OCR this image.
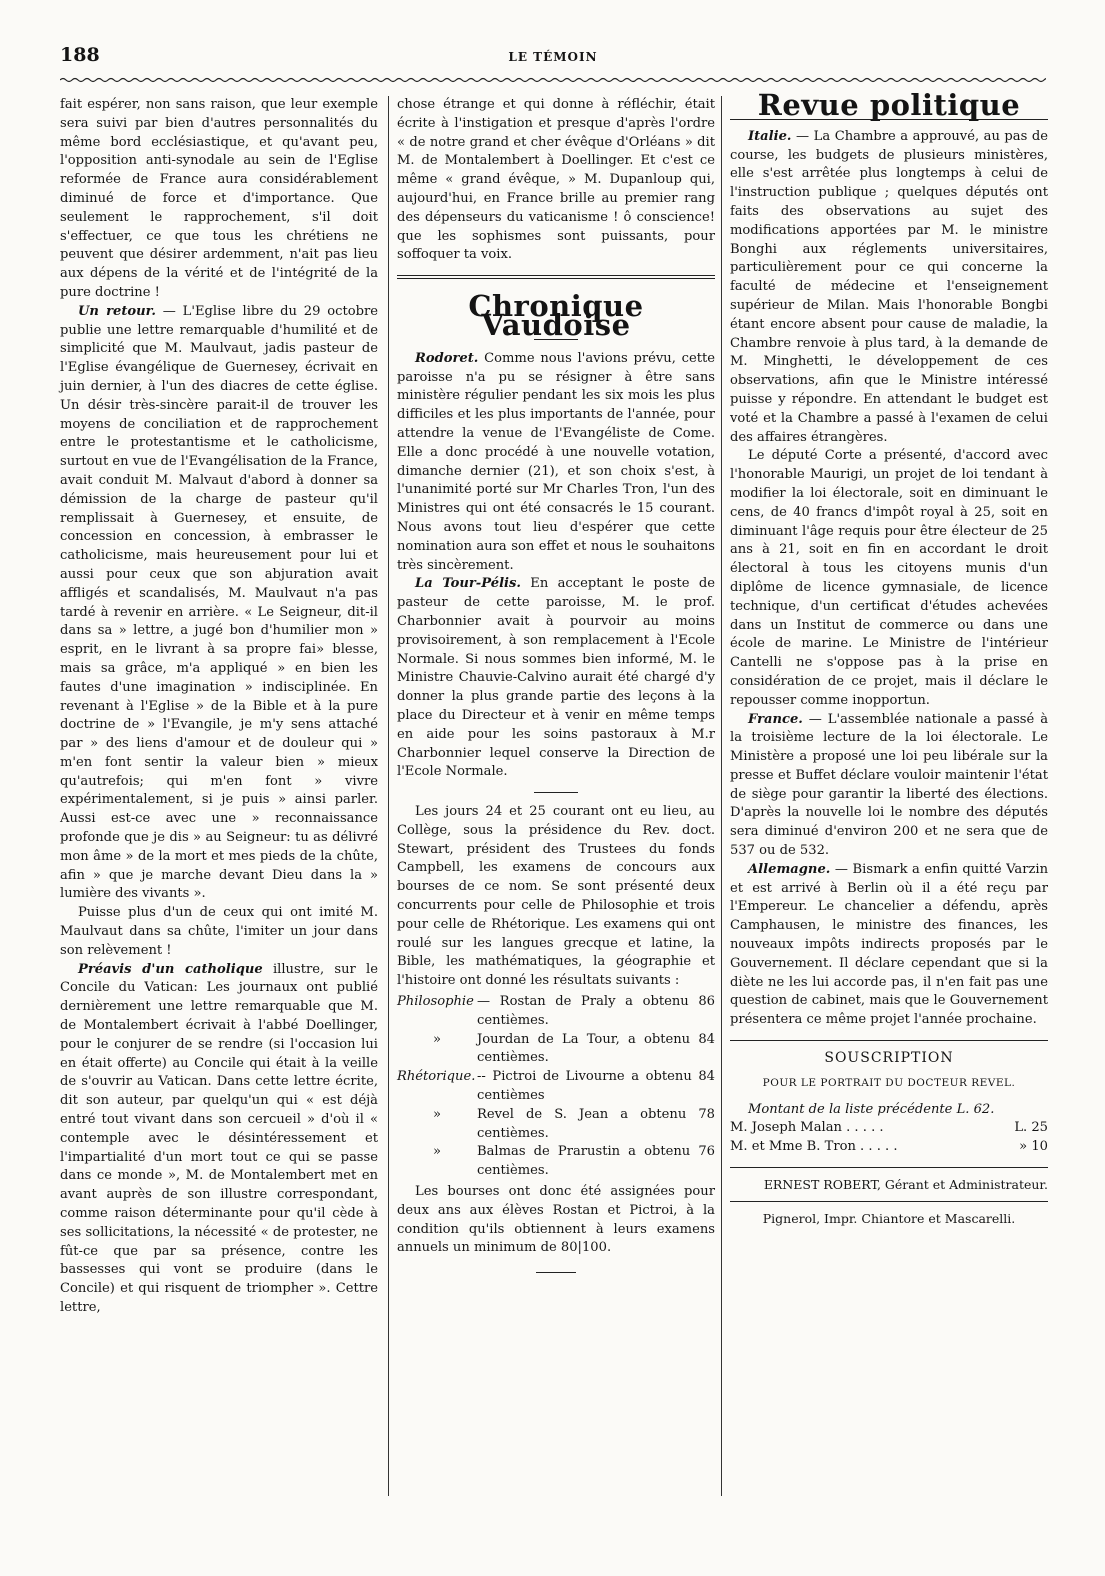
188	LE TÉMOIN

fait espérer, non sans raison, que leur exemple sera suivi par bien d'autres personnalités du même bord ecclésiastique, et qu'avant peu, l'opposition anti-synodale au sein de l'Eglise reformée de France aura considérablement diminué de force et d'importance. Que seulement le rapprochement, s'il doit s'effectuer, ce que tous les chrétiens ne peuvent que désirer ardemment, n'ait pas lieu aux dépens de la vérité et de l'intégrité de la pure doctrine !

Un retour. — L'Eglise libre du 29 octobre publie une lettre remarquable d'humilité et de simplicité que M. Maulvaut, jadis pasteur de l'Eglise évangélique de Guernesey, écrivait en juin dernier, à l'un des diacres de cette église. Un désir très-sincère parait-il de trouver les moyens de conciliation et de rapprochement entre le protestantisme et le catholicisme, surtout en vue de l'Evangélisation de la France, avait conduit M. Malvaut d'abord à donner sa démission de la charge de pasteur qu'il remplissait à Guernesey, et ensuite, de concession en concession, à embrasser le catholicisme, mais heureusement pour lui et aussi pour ceux que son abjuration avait affligés et scandalisés, M. Maulvaut n'a pas tardé à revenir en arrière. « Le Seigneur, dit-il dans sa » lettre, a jugé bon d'humilier mon » esprit, en le livrant à sa propre fai» blesse, mais sa grâce, m'a appliqué » en bien les fautes d'une imagination » indisciplinée. En revenant à l'Eglise » de la Bible et à la pure doctrine de » l'Evangile, je m'y sens attaché par » des liens d'amour et de douleur qui » m'en font sentir la valeur bien » mieux qu'autrefois; qui m'en font » vivre expérimentalement, si je puis » ainsi parler. Aussi est-ce avec une » reconnaissance profonde que je dis » au Seigneur: tu as délivré mon âme » de la mort et mes pieds de la chûte, afin » que je marche devant Dieu dans la » lumière des vivants ».

Puisse plus d'un de ceux qui ont imité M. Maulvaut dans sa chûte, l'imiter un jour dans son relèvement !

Préavis d'un catholique illustre, sur le Concile du Vatican: Les journaux ont publié dernièrement une lettre remarquable que M. de Montalembert écrivait à l'abbé Doellinger, pour le conjurer de se rendre (si l'occasion lui en était offerte) au Concile qui était à la veille de s'ouvrir au Vatican. Dans cette lettre écrite, dit son auteur, par quelqu'un qui « est déjà entré tout vivant dans son cercueil » d'où il « contemple avec le désintéressement et l'impartialité d'un mort tout ce qui se passe dans ce monde », M. de Montalembert met en avant auprès de son illustre correspondant, comme raison déterminante pour qu'il cède à ses sollicitations, la nécessité « de protester, ne fût-ce que par sa présence, contre les bassesses qui vont se produire (dans le Concile) et qui risquent de triompher ». Cettre lettre,

chose étrange et qui donne à réfléchir, était écrite à l'instigation et presque d'après l'ordre « de notre grand et cher évêque d'Orléans » dit M. de Montalembert à Doellinger. Et c'est ce même « grand évêque, » M. Dupanloup qui, aujourd'hui, en France brille au premier rang des dépenseurs du vaticanisme ! ô conscience! que les sophismes sont puissants, pour soffoquer ta voix.

Chronique Vaudoise

Rodoret. Comme nous l'avions prévu, cette paroisse n'a pu se résigner à être sans ministère régulier pendant les six mois les plus difficiles et les plus importants de l'année, pour attendre la venue de l'Evangéliste de Come. Elle a donc procédé à une nouvelle votation, dimanche dernier (21), et son choix s'est, à l'unanimité porté sur Mr Charles Tron, l'un des Ministres qui ont été consacrés le 15 courant. Nous avons tout lieu d'espérer que cette nomination aura son effet et nous le souhaitons très sincèrement.

La Tour-Pélis. En acceptant le poste de pasteur de cette paroisse, M. le prof. Charbonnier avait à pourvoir au moins provisoirement, à son remplacement à l'Ecole Normale. Si nous sommes bien informé, M. le Ministre Chauvie-Calvino aurait été chargé d'y donner la plus grande partie des leçons à la place du Directeur et à venir en même temps en aide pour les soins pastoraux à M.r Charbonnier lequel conserve la Direction de l'Ecole Normale.

Les jours 24 et 25 courant ont eu lieu, au Collège, sous la présidence du Rev. doct. Stewart, président des Trustees du fonds Campbell, les examens de concours aux bourses de ce nom. Se sont présenté deux concurrents pour celle de Philosophie et trois pour celle de Rhétorique. Les examens qui ont roulé sur les langues grecque et latine, la Bible, les mathématiques, la géographie et l'histoire ont donné les résultats suivants :

Philosophie — Rostan de Praly a obtenu 86 centièmes.
»	Jourdan de La Tour, a obtenu 84 centièmes.
Rhétorique. -- Pictroi de Livourne a obtenu 84 centièmes
»	Revel de S. Jean a obtenu 78 centièmes.
»	Balmas de Prarustin a obtenu 76 centièmes.

Les bourses ont donc été assignées pour deux ans aux élèves Rostan et Pictroi, à la condition qu'ils obtiennent à leurs examens annuels un minimum de 80|100.

Revue politique

Italie. — La Chambre a approuvé, au pas de course, les budgets de plusieurs ministères, elle s'est arrêtée plus longtemps à celui de l'instruction publique ; quelques députés ont faits des observations au sujet des modifications apportées par M. le ministre Bonghi aux réglements universitaires, particulièrement pour ce qui concerne la faculté de médecine et l'enseignement supérieur de Milan. Mais l'honorable Bongbi étant encore absent pour cause de maladie, la Chambre renvoie à plus tard, à la demande de M. Minghetti, le développement de ces observations, afin que le Ministre intéressé puisse y répondre. En attendant le budget est voté et la Chambre a passé à l'examen de celui des affaires étrangères.

Le député Corte a présenté, d'accord avec l'honorable Maurigi, un projet de loi tendant à modifier la loi électorale, soit en diminuant le cens, de 40 francs d'impôt royal à 25, soit en diminuant l'âge requis pour être électeur de 25 ans à 21, soit en fin en accordant le droit électoral à tous les citoyens munis d'un diplôme de licence gymnasiale, de licence technique, d'un certificat d'études achevées dans un Institut de commerce ou dans une école de marine. Le Ministre de l'intérieur Cantelli ne s'oppose pas à la prise en considération de ce projet, mais il déclare le repousser comme inopportun.

France. — L'assemblée nationale a passé à la troisième lecture de la loi électorale. Le Ministère a proposé une loi peu libérale sur la presse et Buffet déclare vouloir maintenir l'état de siège pour garantir la liberté des élections. D'après la nouvelle loi le nombre des députés sera diminué d'environ 200 et ne sera que de 537 ou de 532.

Allemagne. — Bismark a enfin quitté Varzin et est arrivé à Berlin où il a été reçu par l'Empereur. Le chancelier a défendu, après Camphausen, le ministre des finances, les nouveaux impôts indirects proposés par le Gouvernement. Il déclare cependant que si la diète ne les lui accorde pas, il n'en fait pas une question de cabinet, mais que le Gouvernement présentera ce même projet l'année prochaine.

SOUSCRIPTION
POUR LE PORTRAIT DU DOCTEUR REVEL.
Montant de la liste précédente L. 62.
M. Joseph Malan . . . . .	L. 25
M. et Mme B. Tron . . . . .	» 10
ERNEST ROBERT, Gérant et Administrateur.
Pignerol, Impr. Chiantore et Mascarelli.
